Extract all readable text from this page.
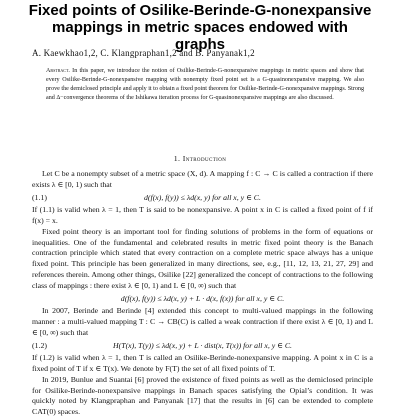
Fixed points of Osilike-Berinde-G-nonexpansive mappings in metric spaces endowed with graphs
A. Kaewkhao1,2, C. Klangpraphan1,2 and B. Panyanak1,2

Abstract. In this paper, we introduce the notion of Osilike-Berinde-G-nonexpansive mappings in metric spaces and show that every Osilike-Berinde-G-nonexpansive mapping with nonempty fixed point set is a G-quasinonexpansive mapping. We also prove the demiclosed principle and apply it to obtain a fixed point theorem for Osilike-Berinde-G-nonexpansive mappings. Strong and Δ−convergence theorems of the Ishikawa iteration process for G-quasinonexpansive mappings are also discussed.

1. Introduction

Let C be a nonempty subset of a metric space (X, d). A mapping f : C → C is called a contraction if there exists λ ∈ [0, 1) such that

(1.1)	d(f(x), f(y)) ≤ λd(x, y) for all x, y ∈ C.

If (1.1) is valid when λ = 1, then T is said to be nonexpansive. A point x in C is called a fixed point of f if f(x) = x.

Fixed point theory is an important tool for finding solutions of problems in the form of equations or inequalities. One of the fundamental and celebrated results in metric fixed point theory is the Banach contraction principle which stated that every contraction on a complete metric space always has a unique fixed point. This principle has been generalized in many directions, see, e.g., [11, 12, 13, 21, 27, 29] and references therein. Among other things, Osilike [22] generalized the concept of contractions to the following class of mappings : there exist λ ∈ [0, 1) and L ∈ [0, ∞) such that

d(f(x), f(y)) ≤ λd(x, y) + L · d(x, f(x)) for all x, y ∈ C.

In 2007, Berinde and Berinde [4] extended this concept to multi-valued mappings in the following manner : a multi-valued mapping T : C → CB(C) is called a weak contraction if there exist λ ∈ [0, 1) and L ∈ [0, ∞) such that

(1.2)	H(T(x), T(y)) ≤ λd(x, y) + L · dist(x, T(x)) for all x, y ∈ C.

If (1.2) is valid when λ = 1, then T is called an Osilike-Berinde-nonexpansive mapping. A point x in C is a fixed point of T if x ∈ T(x). We denote by F(T) the set of all fixed points of T.

In 2019, Bunlue and Suantai [6] proved the existence of fixed points as well as the demiclosed principle for Osilike-Berinde-nonexpansive mappings in Banach spaces satisfying the Opial’s condition. It was quickly noted by Klangpraphan and Panyanak [17] that the results in [6] can be extended to complete CAT(0) spaces.
